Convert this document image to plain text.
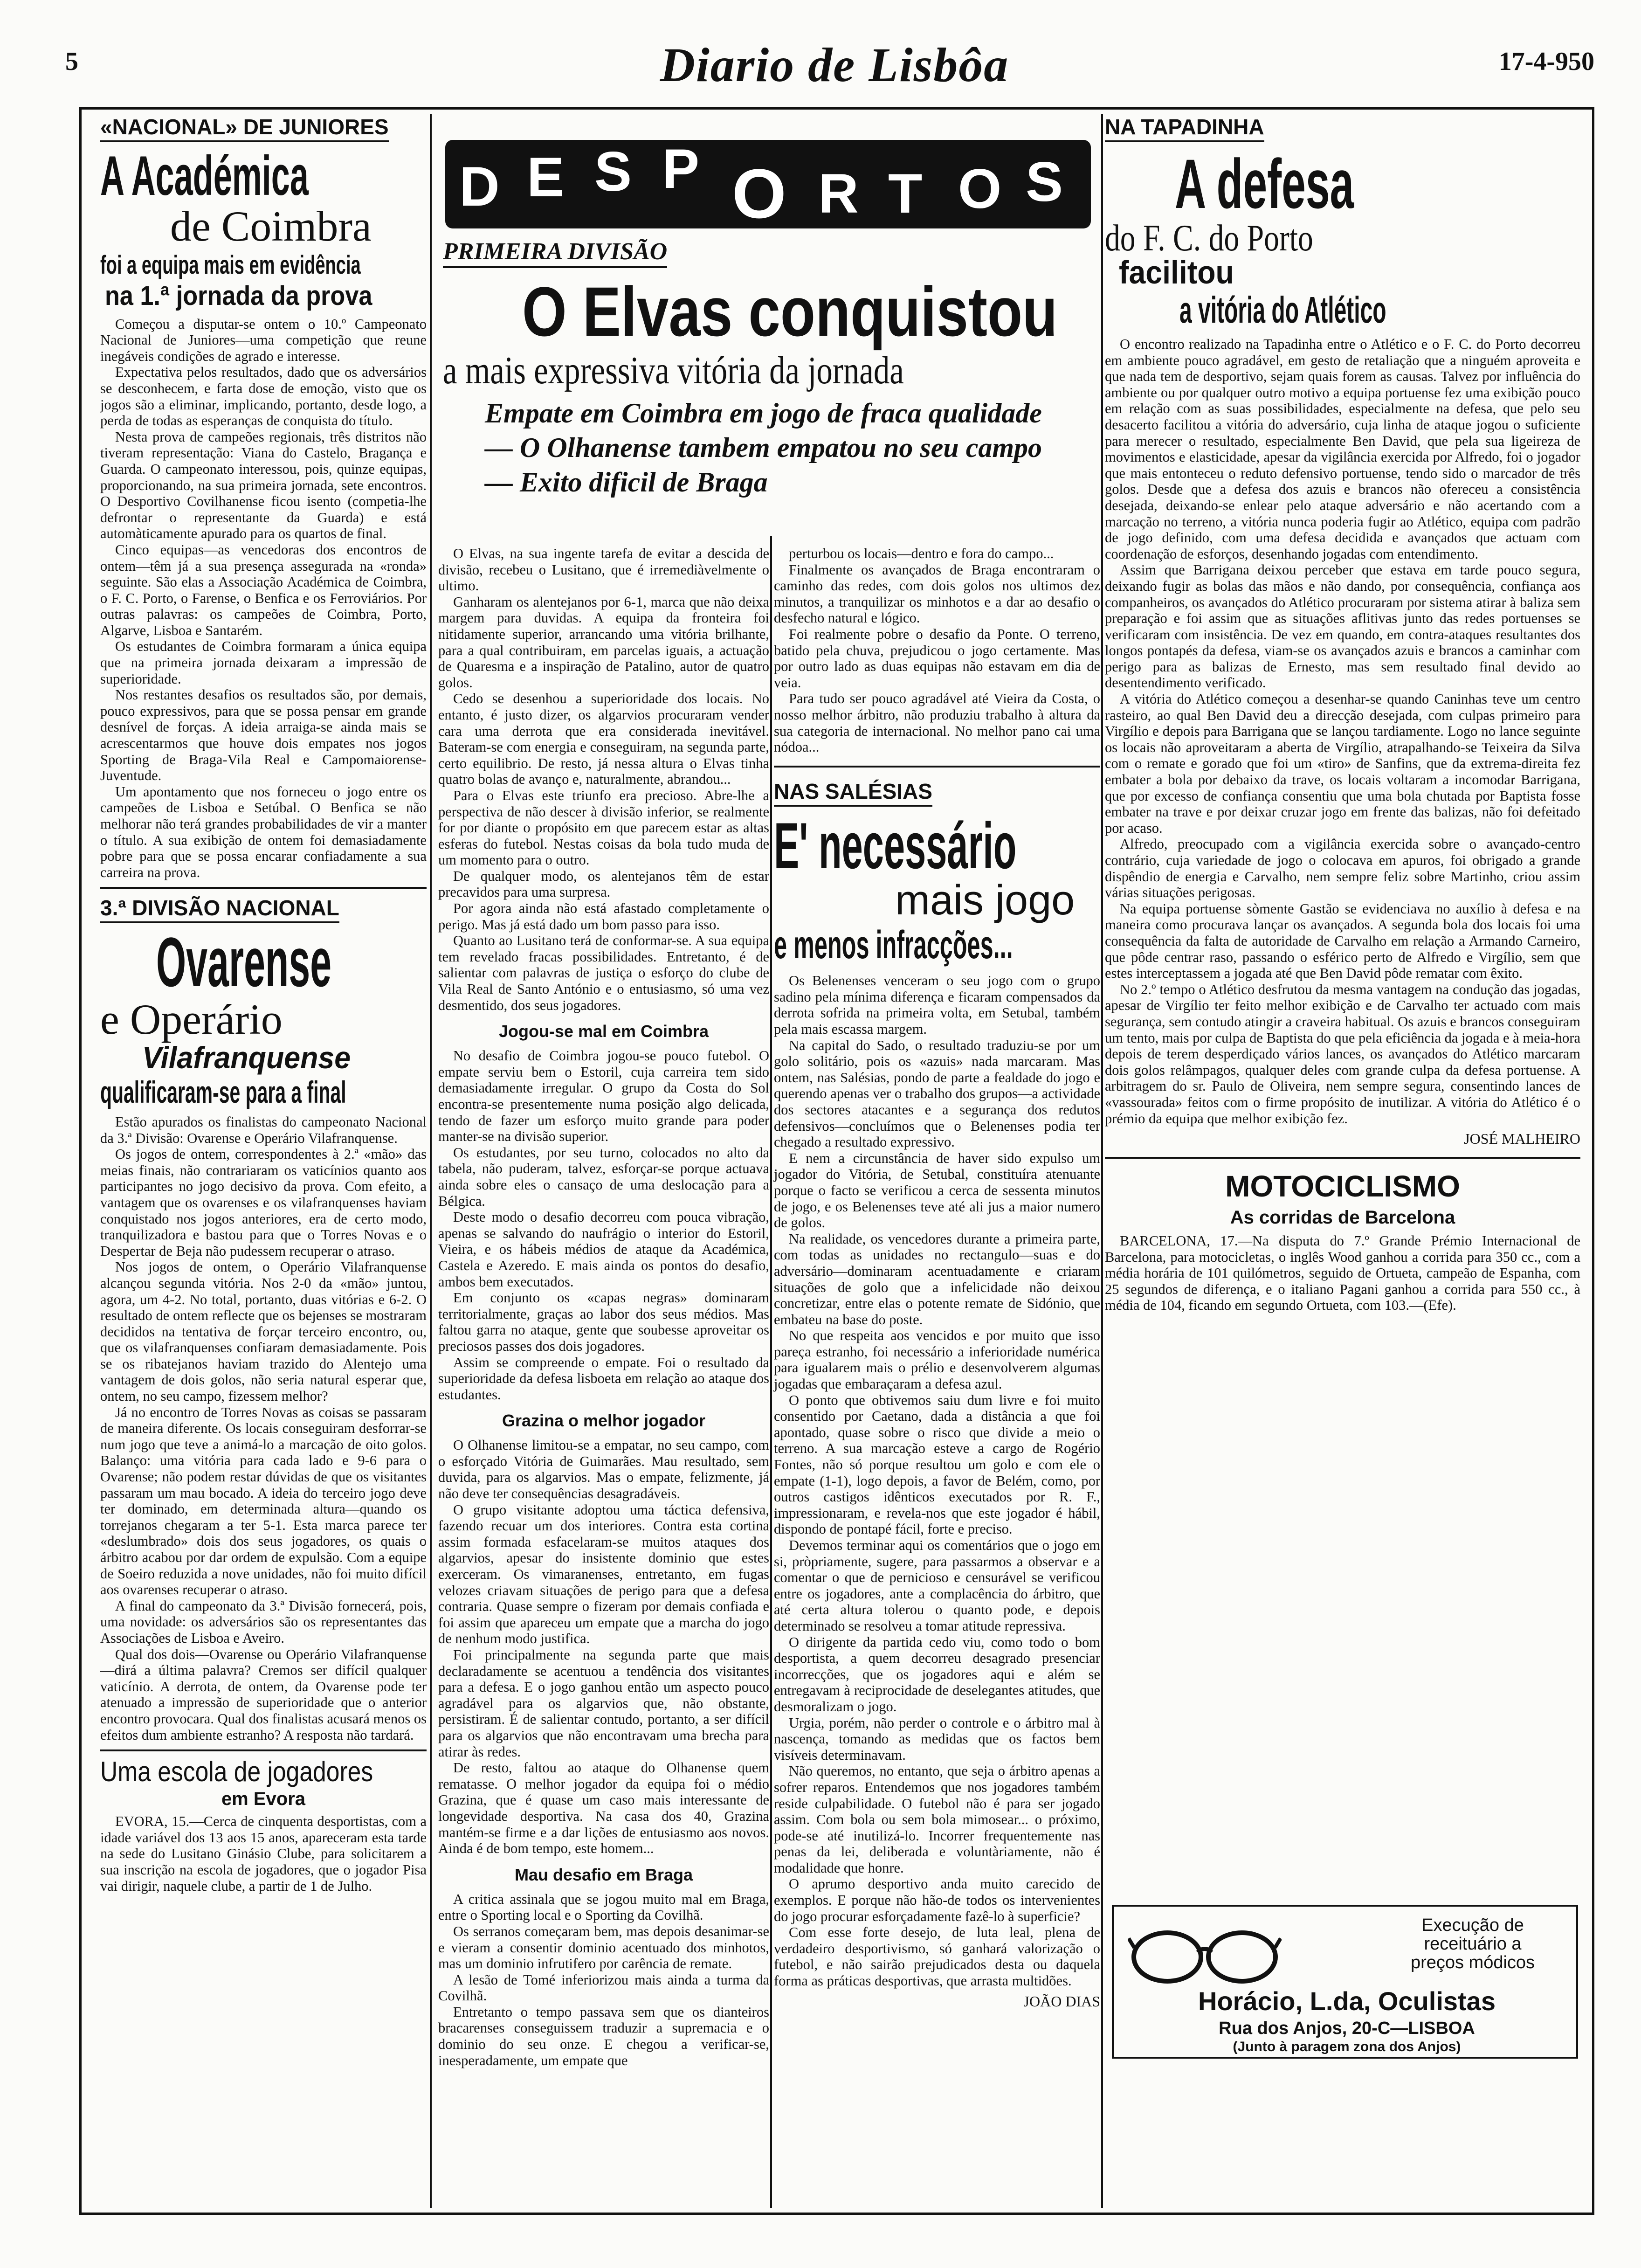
5	Diario de Lisbôa	17-4-950
D E S P O R T O S
PRIMEIRA DIVISÃO
O Elvas conquistou
a mais expressiva vitória da jornada
Empate em Coimbra em jogo de fraca qualidade
— O Olhanense tambem empatou no seu campo
— Exito dificil de Braga
«NACIONAL» DE JUNIORES
A Académica
de Coimbra
foi a equipa mais em evidência
na 1.ª jornada da prova

Começou a disputar-se ontem o 10.º Campeonato Nacional de Juniores—uma competição que reune inegáveis condições de agrado e interesse.

Expectativa pelos resultados, dado que os adversários se desconhecem, e farta dose de emoção, visto que os jogos são a eliminar, implicando, portanto, desde logo, a perda de todas as esperanças de conquista do título.

Nesta prova de campeões regionais, três distritos não tiveram representação: Viana do Castelo, Bragança e Guarda. O campeonato interessou, pois, quinze equipas, proporcionando, na sua primeira jornada, sete encontros. O Desportivo Covilhanense ficou isento (competia-lhe defrontar o representante da Guarda) e está automàticamente apurado para os quartos de final.

Cinco equipas—as vencedoras dos encontros de ontem—têm já a sua presença assegurada na «ronda» seguinte. São elas a Associação Académica de Coimbra, o F. C. Porto, o Farense, o Benfica e os Ferroviários. Por outras palavras: os campeões de Coimbra, Porto, Algarve, Lisboa e Santarém.

Os estudantes de Coimbra formaram a única equipa que na primeira jornada deixaram a impressão de superioridade.

Nos restantes desafios os resultados são, por demais, pouco expressivos, para que se possa pensar em grande desnível de forças. A ideia arraiga-se ainda mais se acrescentarmos que houve dois empates nos jogos Sporting de Braga-Vila Real e Campomaiorense-Juventude.

Um apontamento que nos forneceu o jogo entre os campeões de Lisboa e Setúbal. O Benfica se não melhorar não terá grandes probabilidades de vir a manter o título. A sua exibição de ontem foi demasiadamente pobre para que se possa encarar confiadamente a sua carreira na prova.

3.ª DIVISÃO NACIONAL
Ovarense
e Operário
Vilafranquense
qualificaram-se para a final

Estão apurados os finalistas do campeonato Nacional da 3.ª Divisão: Ovarense e Operário Vilafranquense.

Os jogos de ontem, correspondentes à 2.ª «mão» das meias finais, não contrariaram os vaticínios quanto aos participantes no jogo decisivo da prova. Com efeito, a vantagem que os ovarenses e os vilafranquenses haviam conquistado nos jogos anteriores, era de certo modo, tranquilizadora e bastou para que o Torres Novas e o Despertar de Beja não pudessem recuperar o atraso.

Nos jogos de ontem, o Operário Vilafranquense alcançou segunda vitória. Nos 2-0 da «mão» juntou, agora, um 4-2. No total, portanto, duas vitórias e 6-2. O resultado de ontem reflecte que os bejenses se mostraram decididos na tentativa de forçar terceiro encontro, ou, que os vilafranquenses confiaram demasiadamente. Pois se os ribatejanos haviam trazido do Alentejo uma vantagem de dois golos, não seria natural esperar que, ontem, no seu campo, fizessem melhor?

Já no encontro de Torres Novas as coisas se passaram de maneira diferente. Os locais conseguiram desforrar-se num jogo que teve a animá-lo a marcação de oito golos. Balanço: uma vitória para cada lado e 9-6 para o Ovarense; não podem restar dúvidas de que os visitantes passaram um mau bocado. A ideia do terceiro jogo deve ter dominado, em determinada altura—quando os torrejanos chegaram a ter 5-1. Esta marca parece ter «deslumbrado» dois dos seus jogadores, os quais o árbitro acabou por dar ordem de expulsão. Com a equipe de Soeiro reduzida a nove unidades, não foi muito difícil aos ovarenses recuperar o atraso.

A final do campeonato da 3.ª Divisão fornecerá, pois, uma novidade: os adversários são os representantes das Associações de Lisboa e Aveiro.

Qual dos dois—Ovarense ou Operário Vilafranquense—dirá a última palavra? Cremos ser difícil qualquer vaticínio. A derrota, de ontem, da Ovarense pode ter atenuado a impressão de superioridade que o anterior encontro provocara. Qual dos finalistas acusará menos os efeitos dum ambiente estranho? A resposta não tardará.

Uma escola de jogadores
em Evora

EVORA, 15.—Cerca de cinquenta desportistas, com a idade variável dos 13 aos 15 anos, apareceram esta tarde na sede do Lusitano Ginásio Clube, para solicitarem a sua inscrição na escola de jogadores, que o jogador Pisa vai dirigir, naquele clube, a partir de 1 de Julho.

O Elvas, na sua ingente tarefa de evitar a descida de divisão, recebeu o Lusitano, que é irremediàvelmente o ultimo.

Ganharam os alentejanos por 6-1, marca que não deixa margem para duvidas. A equipa da fronteira foi nitidamente superior, arrancando uma vitória brilhante, para a qual contribuiram, em parcelas iguais, a actuação de Quaresma e a inspiração de Patalino, autor de quatro golos.

Cedo se desenhou a superioridade dos locais. No entanto, é justo dizer, os algarvios procuraram vender cara uma derrota que era considerada inevitável. Bateram-se com energia e conseguiram, na segunda parte, certo equilibrio. De resto, já nessa altura o Elvas tinha quatro bolas de avanço e, naturalmente, abrandou...

Para o Elvas este triunfo era precioso. Abre-lhe a perspectiva de não descer à divisão inferior, se realmente for por diante o propósito em que parecem estar as altas esferas do futebol. Nestas coisas da bola tudo muda de um momento para o outro.

De qualquer modo, os alentejanos têm de estar precavidos para uma surpresa.

Por agora ainda não está afastado completamente o perigo. Mas já está dado um bom passo para isso.

Quanto ao Lusitano terá de conformar-se. A sua equipa tem revelado fracas possibilidades. Entretanto, é de salientar com palavras de justiça o esforço do clube de Vila Real de Santo António e o entusiasmo, só uma vez desmentido, dos seus jogadores.

Jogou-se mal em Coimbra

No desafio de Coimbra jogou-se pouco futebol. O empate serviu bem o Estoril, cuja carreira tem sido demasiadamente irregular. O grupo da Costa do Sol encontra-se presentemente numa posição algo delicada, tendo de fazer um esforço muito grande para poder manter-se na divisão superior.

Os estudantes, por seu turno, colocados no alto da tabela, não puderam, talvez, esforçar-se porque actuava ainda sobre eles o cansaço de uma deslocação para a Bélgica.

Deste modo o desafio decorreu com pouca vibração, apenas se salvando do naufrágio o interior do Estoril, Vieira, e os hábeis médios de ataque da Académica, Castela e Azeredo. E mais ainda os pontos do desafio, ambos bem executados.

Em conjunto os «capas negras» dominaram territorialmente, graças ao labor dos seus médios. Mas faltou garra no ataque, gente que soubesse aproveitar os preciosos passes dos dois jogadores.

Assim se compreende o empate. Foi o resultado da superioridade da defesa lisboeta em relação ao ataque dos estudantes.

Grazina o melhor jogador

O Olhanense limitou-se a empatar, no seu campo, com o esforçado Vitória de Guimarães. Mau resultado, sem duvida, para os algarvios. Mas o empate, felizmente, já não deve ter consequências desagradáveis.

O grupo visitante adoptou uma táctica defensiva, fazendo recuar um dos interiores. Contra esta cortina assim formada esfacelaram-se muitos ataques dos algarvios, apesar do insistente dominio que estes exerceram. Os vimaranenses, entretanto, em fugas velozes criavam situações de perigo para que a defesa contraria. Quase sempre o fizeram por demais confiada e foi assim que apareceu um empate que a marcha do jogo de nenhum modo justifica.

Foi principalmente na segunda parte que mais declaradamente se acentuou a tendência dos visitantes para a defesa. E o jogo ganhou então um aspecto pouco agradável para os algarvios que, não obstante, persistiram. É de salientar contudo, portanto, a ser difícil para os algarvios que não encontravam uma brecha para atirar às redes.

De resto, faltou ao ataque do Olhanense quem rematasse. O melhor jogador da equipa foi o médio Grazina, que é quase um caso mais interessante de longevidade desportiva. Na casa dos 40, Grazina mantém-se firme e a dar lições de entusiasmo aos novos. Ainda é de bom tempo, este homem...

Mau desafio em Braga

A critica assinala que se jogou muito mal em Braga, entre o Sporting local e o Sporting da Covilhã.

Os serranos começaram bem, mas depois desanimar-se e vieram a consentir dominio acentuado dos minhotos, mas um dominio infrutifero por carência de remate.

A lesão de Tomé inferiorizou mais ainda a turma da Covilhã.

Entretanto o tempo passava sem que os dianteiros bracarenses conseguissem traduzir a supremacia e o dominio do seu onze. E chegou a verificar-se, inesperadamente, um empate que

perturbou os locais—dentro e fora do campo...

Finalmente os avançados de Braga encontraram o caminho das redes, com dois golos nos ultimos dez minutos, a tranquilizar os minhotos e a dar ao desafio o desfecho natural e lógico.

Foi realmente pobre o desafio da Ponte. O terreno, batido pela chuva, prejudicou o jogo certamente. Mas por outro lado as duas equipas não estavam em dia de veia.

Para tudo ser pouco agradável até Vieira da Costa, o nosso melhor árbitro, não produziu trabalho à altura da sua categoria de internacional. No melhor pano cai uma nódoa...

NAS SALÉSIAS
E' necessário
mais jogo
e menos infracções...

Os Belenenses venceram o seu jogo com o grupo sadino pela mínima diferença e ficaram compensados da derrota sofrida na primeira volta, em Setubal, também pela mais escassa margem.

Na capital do Sado, o resultado traduziu-se por um golo solitário, pois os «azuis» nada marcaram. Mas ontem, nas Salésias, pondo de parte a fealdade do jogo e querendo apenas ver o trabalho dos grupos—a actividade dos sectores atacantes e a segurança dos redutos defensivos—concluímos que o Belenenses podia ter chegado a resultado expressivo.

E nem a circunstância de haver sido expulso um jogador do Vitória, de Setubal, constituíra atenuante porque o facto se verificou a cerca de sessenta minutos de jogo, e os Belenenses teve até ali jus a maior numero de golos.

Na realidade, os vencedores durante a primeira parte, com todas as unidades no rectangulo—suas e do adversário—dominaram acentuadamente e criaram situações de golo que a infelicidade não deixou concretizar, entre elas o potente remate de Sidónio, que embateu na base do poste.

No que respeita aos vencidos e por muito que isso pareça estranho, foi necessário a inferioridade numérica para igualarem mais o prélio e desenvolverem algumas jogadas que embaraçaram a defesa azul.

O ponto que obtivemos saiu dum livre e foi muito consentido por Caetano, dada a distância a que foi apontado, quase sobre o risco que divide a meio o terreno. A sua marcação esteve a cargo de Rogério Fontes, não só porque resultou um golo e com ele o empate (1-1), logo depois, a favor de Belém, como, por outros castigos idênticos executados por R. F., impressionaram, e revela-nos que este jogador é hábil, dispondo de pontapé fácil, forte e preciso.

Devemos terminar aqui os comentários que o jogo em si, pròpriamente, sugere, para passarmos a observar e a comentar o que de pernicioso e censurável se verificou entre os jogadores, ante a complacência do árbitro, que até certa altura tolerou o quanto pode, e depois determinado se resolveu a tomar atitude repressiva.

O dirigente da partida cedo viu, como todo o bom desportista, a quem decorreu desagrado presenciar incorrecções, que os jogadores aqui e além se entregavam à reciprocidade de deselegantes atitudes, que desmoralizam o jogo.

Urgia, porém, não perder o controle e o árbitro mal à nascença, tomando as medidas que os factos bem visíveis determinavam.

Não queremos, no entanto, que seja o árbitro apenas a sofrer reparos. Entendemos que nos jogadores também reside culpabilidade. O futebol não é para ser jogado assim. Com bola ou sem bola mimosear... o próximo, pode-se até inutilizá-lo. Incorrer frequentemente nas penas da lei, deliberada e voluntàriamente, não é modalidade que honre.

O aprumo desportivo anda muito carecido de exemplos. E porque não hão-de todos os intervenientes do jogo procurar esforçadamente fazê-lo à superficie?

Com esse forte desejo, de luta leal, plena de verdadeiro desportivismo, só ganhará valorização o futebol, e não sairão prejudicados desta ou daquela forma as práticas desportivas, que arrasta multidões.

JOÃO DIAS
NA TAPADINHA
A defesa
do F. C. do Porto
facilitou
a vitória do Atlético

O encontro realizado na Tapadinha entre o Atlético e o F. C. do Porto decorreu em ambiente pouco agradável, em gesto de retaliação que a ninguém aproveita e que nada tem de desportivo, sejam quais forem as causas. Talvez por influência do ambiente ou por qualquer outro motivo a equipa portuense fez uma exibição pouco em relação com as suas possibilidades, especialmente na defesa, que pelo seu desacerto facilitou a vitória do adversário, cuja linha de ataque jogou o suficiente para merecer o resultado, especialmente Ben David, que pela sua ligeireza de movimentos e elasticidade, apesar da vigilância exercida por Alfredo, foi o jogador que mais entonteceu o reduto defensivo portuense, tendo sido o marcador de três golos. Desde que a defesa dos azuis e brancos não ofereceu a consistência desejada, deixando-se enlear pelo ataque adversário e não acertando com a marcação no terreno, a vitória nunca poderia fugir ao Atlético, equipa com padrão de jogo definido, com uma defesa decidida e avançados que actuam com coordenação de esforços, desenhando jogadas com entendimento.

Assim que Barrigana deixou perceber que estava em tarde pouco segura, deixando fugir as bolas das mãos e não dando, por consequência, confiança aos companheiros, os avançados do Atlético procuraram por sistema atirar à baliza sem preparação e foi assim que as situações aflitivas junto das redes portuenses se verificaram com insistência. De vez em quando, em contra-ataques resultantes dos longos pontapés da defesa, viam-se os avançados azuis e brancos a caminhar com perigo para as balizas de Ernesto, mas sem resultado final devido ao desentendimento verificado.

A vitória do Atlético começou a desenhar-se quando Caninhas teve um centro rasteiro, ao qual Ben David deu a direcção desejada, com culpas primeiro para Virgílio e depois para Barrigana que se lançou tardiamente. Logo no lance seguinte os locais não aproveitaram a aberta de Virgílio, atrapalhando-se Teixeira da Silva com o remate e gorado que foi um «tiro» de Sanfins, que da extrema-direita fez embater a bola por debaixo da trave, os locais voltaram a incomodar Barrigana, que por excesso de confiança consentiu que uma bola chutada por Baptista fosse embater na trave e por deixar cruzar jogo em frente das balizas, não foi defeitado por acaso.

Alfredo, preocupado com a vigilância exercida sobre o avançado-centro contrário, cuja variedade de jogo o colocava em apuros, foi obrigado a grande dispêndio de energia e Carvalho, nem sempre feliz sobre Martinho, criou assim várias situações perigosas.

Na equipa portuense sòmente Gastão se evidenciava no auxílio à defesa e na maneira como procurava lançar os avançados. A segunda bola dos locais foi uma consequência da falta de autoridade de Carvalho em relação a Armando Carneiro, que pôde centrar raso, passando o esférico perto de Alfredo e Virgílio, sem que estes interceptassem a jogada até que Ben David pôde rematar com êxito.

No 2.º tempo o Atlético desfrutou da mesma vantagem na condução das jogadas, apesar de Virgílio ter feito melhor exibição e de Carvalho ter actuado com mais segurança, sem contudo atingir a craveira habitual. Os azuis e brancos conseguiram um tento, mais por culpa de Baptista do que pela eficiência da jogada e à meia-hora depois de terem desperdiçado vários lances, os avançados do Atlético marcaram dois golos relâmpagos, qualquer deles com grande culpa da defesa portuense. A arbitragem do sr. Paulo de Oliveira, nem sempre segura, consentindo lances de «vassourada» feitos com o firme propósito de inutilizar. A vitória do Atlético é o prémio da equipa que melhor exibição fez.

JOSÉ MALHEIRO
MOTOCICLISMO
As corridas de Barcelona

BARCELONA, 17.—Na disputa do 7.º Grande Prémio Internacional de Barcelona, para motocicletas, o inglês Wood ganhou a corrida para 350 cc., com a média horária de 101 quilómetros, seguido de Ortueta, campeão de Espanha, com 25 segundos de diferença, e o italiano Pagani ganhou a corrida para 550 cc., à média de 104, ficando em segundo Ortueta, com 103.—(Efe).

Execução de
receituário a
preços módicos
Horácio, L.da, Oculistas
Rua dos Anjos, 20-C—LISBOA
(Junto à paragem zona dos Anjos)
